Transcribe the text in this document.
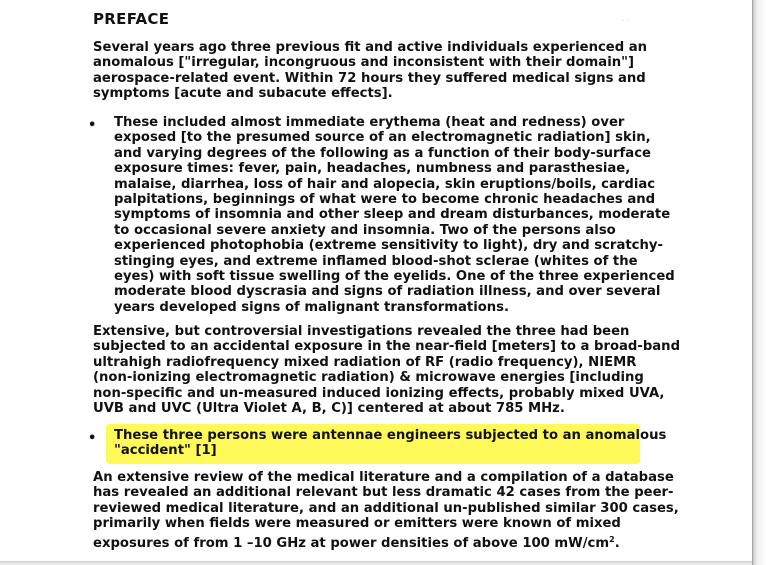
. .
PREFACE
Several years ago three previous fit and active individuals experienced an
anomalous ["irregular, incongruous and inconsistent with their domain"]
aerospace-related event. Within 72 hours they suffered medical signs and
symptoms [acute and subacute effects].
• These included almost immediate erythema (heat and redness) over
exposed [to the presumed source of an electromagnetic radiation] skin,
and varying degrees of the following as a function of their body-surface
exposure times: fever, pain, headaches, numbness and parasthesiae,
malaise, diarrhea, loss of hair and alopecia, skin eruptions/boils, cardiac
palpitations, beginnings of what were to become chronic headaches and
symptoms of insomnia and other sleep and dream disturbances, moderate
to occasional severe anxiety and insomnia. Two of the persons also
experienced photophobia (extreme sensitivity to light), dry and scratchy-
stinging eyes, and extreme inflamed blood-shot sclerae (whites of the
eyes) with soft tissue swelling of the eyelids. One of the three experienced
moderate blood dyscrasia and signs of radiation illness, and over several
years developed signs of malignant transformations.
Extensive, but controversial investigations revealed the three had been
subjected to an accidental exposure in the near-field [meters] to a broad-band
ultrahigh radiofrequency mixed radiation of RF (radio frequency), NIEMR
(non-ionizing electromagnetic radiation) & microwave energies [including
non-specific and un-measured induced ionizing effects, probably mixed UVA,
UVB and UVC (Ultra Violet A, B, C)] centered at about 785 MHz.
• These three persons were antennae engineers subjected to an anomalous
"accident" [1]
An extensive review of the medical literature and a compilation of a database
has revealed an additional relevant but less dramatic 42 cases from the peer-
reviewed medical literature, and an additional un-published similar 300 cases,
primarily when fields were measured or emitters were known of mixed
exposures of from 1 –10 GHz at power densities of above 100 $mW/cm^2$.
